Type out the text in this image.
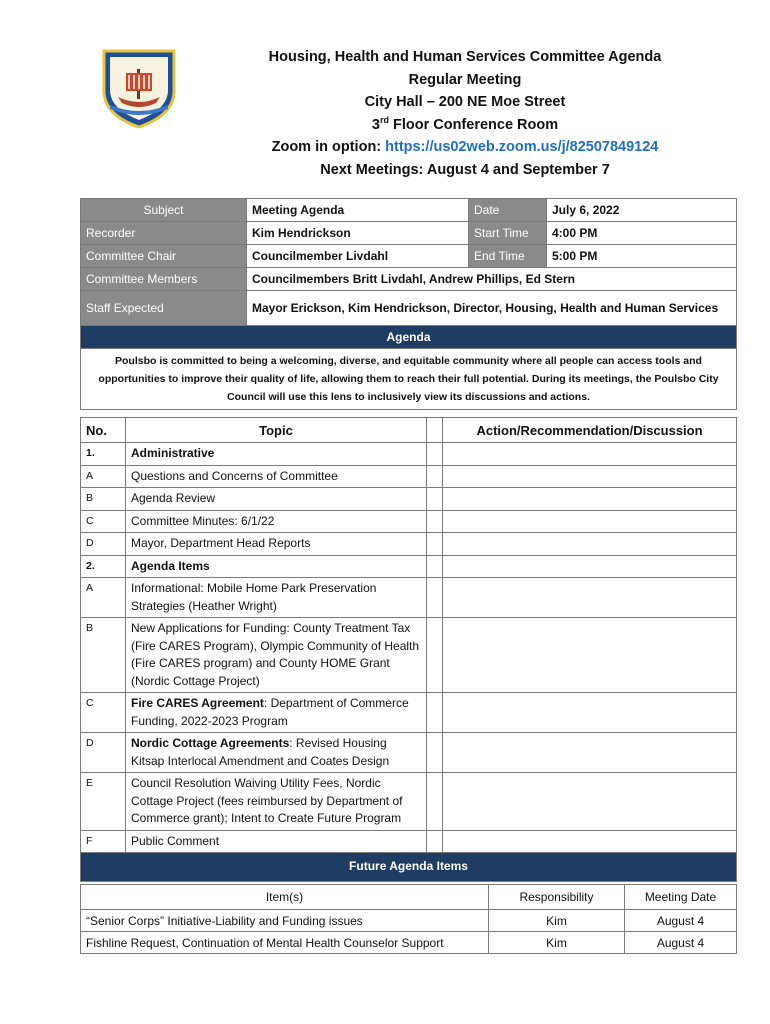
Housing, Health and Human Services Committee Agenda
Regular Meeting
City Hall – 200 NE Moe Street
3rd Floor Conference Room
Zoom in option: https://us02web.zoom.us/j/82507849124
Next Meetings: August 4 and September 7
Subject	Meeting Agenda	Date	July 6, 2022
Recorder	Kim Hendrickson	Start Time	4:00 PM
Committee Chair	Councilmember Livdahl	End Time	5:00 PM
Committee Members	Councilmembers Britt Livdahl, Andrew Phillips, Ed Stern		
Staff Expected	Mayor Erickson, Kim Hendrickson, Director, Housing, Health and Human Services		
Agenda			
Poulsbo is committed to being a welcoming, diverse, and equitable community where all people can access tools and opportunities to improve their quality of life, allowing them to reach their full potential. During its meetings, the Poulsbo City Council will use this lens to inclusively view its discussions and actions.			
No.	Topic		Action/Recommendation/Discussion
1.	Administrative		
A	Questions and Concerns of Committee		
B	Agenda Review		
C	Committee Minutes: 6/1/22		
D	Mayor, Department Head Reports		
2.	Agenda Items		
A	Informational: Mobile Home Park Preservation Strategies (Heather Wright)		
B	New Applications for Funding: County Treatment Tax (Fire CARES Program), Olympic Community of Health (Fire CARES program) and County HOME Grant (Nordic Cottage Project)		
C	Fire CARES Agreement: Department of Commerce Funding, 2022-2023 Program		
D	Nordic Cottage Agreements: Revised Housing Kitsap Interlocal Amendment and Coates Design		
E	Council Resolution Waiving Utility Fees, Nordic Cottage Project (fees reimbursed by Department of Commerce grant); Intent to Create Future Program		
F	Public Comment		
Future Agenda Items			
Item(s)	Responsibility	Meeting Date
“Senior Corps” Initiative-Liability and Funding issues	Kim	August 4
Fishline Request, Continuation of Mental Health Counselor Support	Kim	August 4
